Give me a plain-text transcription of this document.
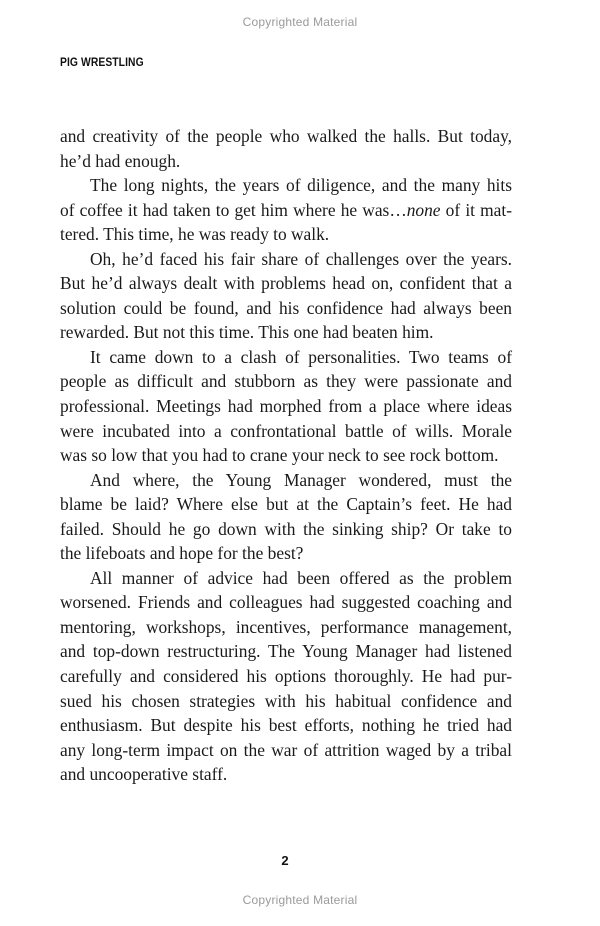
Copyrighted Material
PIG WRESTLING
and creativity of the people who walked the halls. But today,
he’d had enough.
The long nights, the years of diligence, and the many hits
of coffee it had taken to get him where he was…none of it mat-
tered. This time, he was ready to walk.
Oh, he’d faced his fair share of challenges over the years.
But he’d always dealt with problems head on, confident that a
solution could be found, and his confidence had always been
rewarded. But not this time. This one had beaten him.
It came down to a clash of personalities. Two teams of
people as difficult and stubborn as they were passionate and
professional. Meetings had morphed from a place where ideas
were incubated into a confrontational battle of wills. Morale
was so low that you had to crane your neck to see rock bottom.
And where, the Young Manager wondered, must the
blame be laid? Where else but at the Captain’s feet. He had
failed. Should he go down with the sinking ship? Or take to
the lifeboats and hope for the best?
All manner of advice had been offered as the problem
worsened. Friends and colleagues had suggested coaching and
mentoring, workshops, incentives, performance management,
and top-down restructuring. The Young Manager had listened
carefully and considered his options thoroughly. He had pur-
sued his chosen strategies with his habitual confidence and
enthusiasm. But despite his best efforts, nothing he tried had
any long-term impact on the war of attrition waged by a tribal
and uncooperative staff.
2
Copyrighted Material
